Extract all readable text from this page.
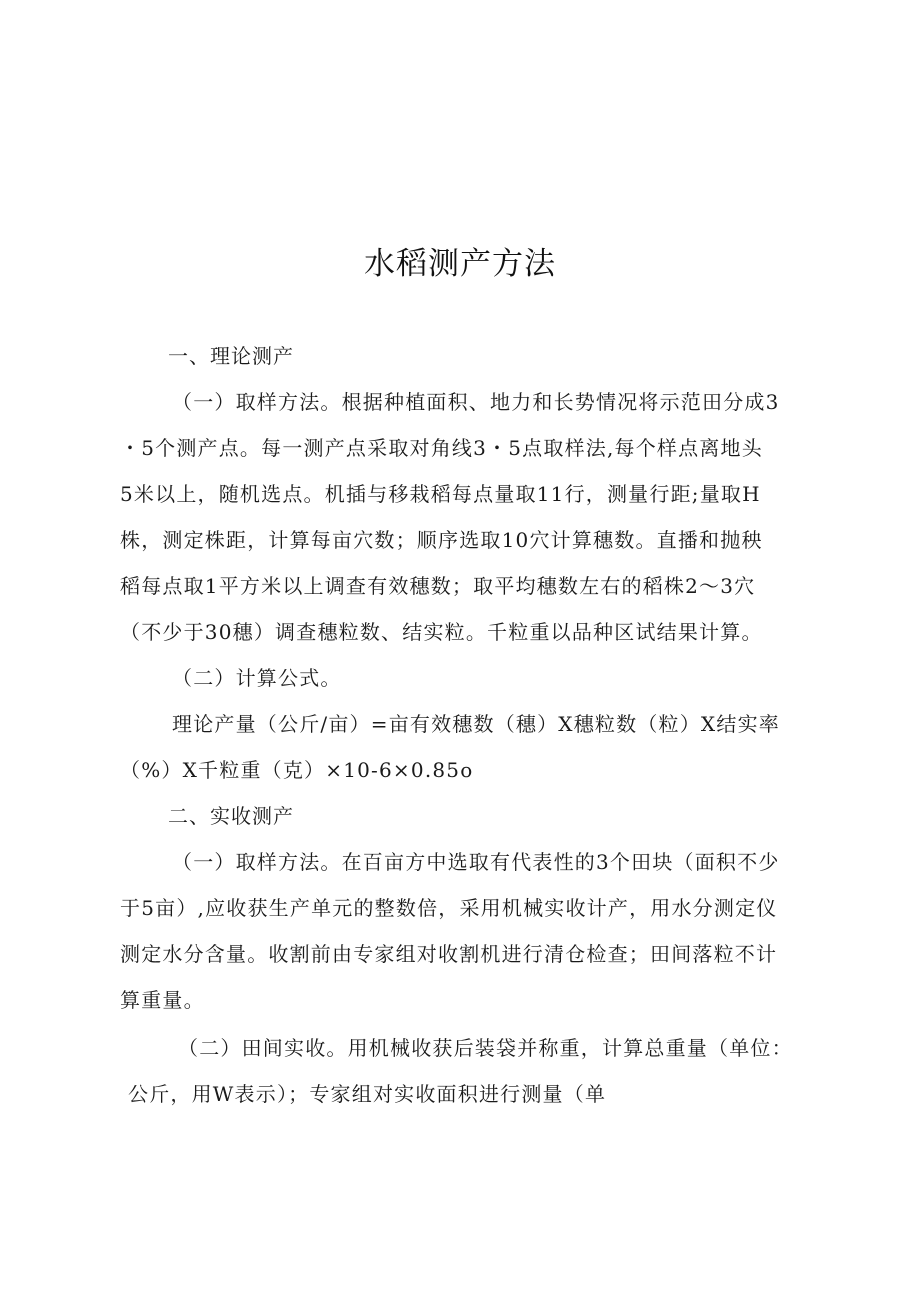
水稻测产方法
一、理论测产
（一）取样方法。根据种植面积、地力和长势情况将示范田分成3
・5个测产点。每一测产点采取对角线3・5点取样法,每个样点离地头
5米以上，随机选点。机插与移栽稻每点量取11行，测量行距;量取H
株，测定株距，计算每亩穴数；顺序选取10穴计算穗数。直播和抛秧
稻每点取1平方米以上调查有效穗数；取平均穗数左右的稻株2〜3穴
（不少于30穗）调查穗粒数、结实粒。千粒重以品种区试结果计算。
（二）计算公式。
理论产量（公斤/亩）=亩有效穗数（穗）X穗粒数（粒）X结实率
（%）X千粒重（克）×10-6×0.85o
二、实收测产
（一）取样方法。在百亩方中选取有代表性的3个田块（面积不少
于5亩）,应收获生产单元的整数倍，采用机械实收计产，用水分测定仪
测定水分含量。收割前由专家组对收割机进行清仓检查；田间落粒不计
算重量。
（二）田间实收。用机械收获后装袋并称重，计算总重量（单位：
公斤，用W表示）；专家组对实收面积进行测量（单
